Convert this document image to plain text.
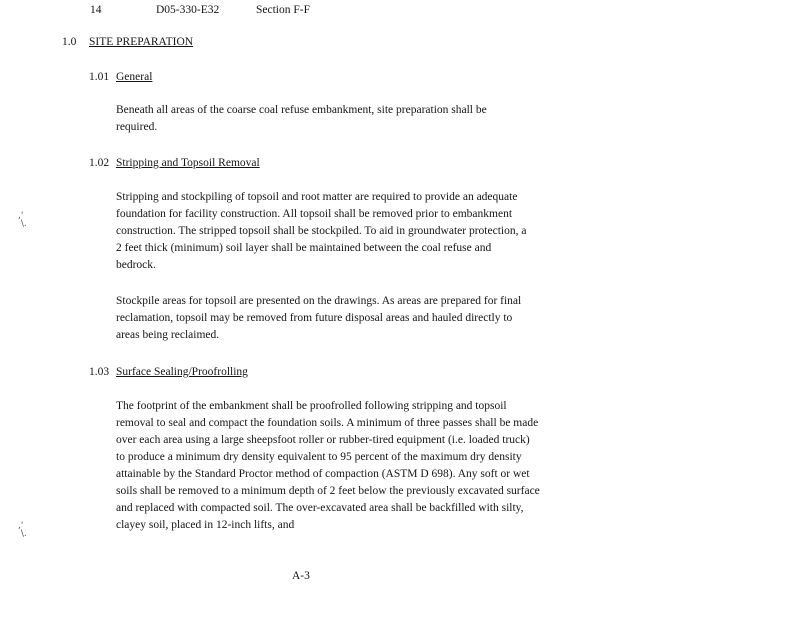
14	D05-330-E32	Section F-F
1.0 SITE PREPARATION
1.01 General

Beneath all areas of the coarse coal refuse embankment, site preparation shall be required.

1.02 Stripping and Topsoil Removal

Stripping and stockpiling of topsoil and root matter are required to provide an adequate foundation for facility construction. All topsoil shall be removed prior to embankment construction. The stripped topsoil shall be stockpiled. To aid in groundwater protection, a 2 feet thick (minimum) soil layer shall be maintained between the coal refuse and bedrock.

Stockpile areas for topsoil are presented on the drawings. As areas are prepared for final reclamation, topsoil may be removed from future disposal areas and hauled directly to areas being reclaimed.

1.03 Surface Sealing/Proofrolling

The footprint of the embankment shall be proofrolled following stripping and topsoil removal to seal and compact the foundation soils. A minimum of three passes shall be made over each area using a large sheepsfoot roller or rubber-tired equipment (i.e. loaded truck) to produce a minimum dry density equivalent to 95 percent of the maximum dry density attainable by the Standard Proctor method of compaction (ASTM D 698). Any soft or wet soils shall be removed to a minimum depth of 2 feet below the previously excavated surface and replaced with compacted soil. The over-excavated area shall be backfilled with silty, clayey soil, placed in 12-inch lifts, and

,'
\.
,'
\.
A-3
